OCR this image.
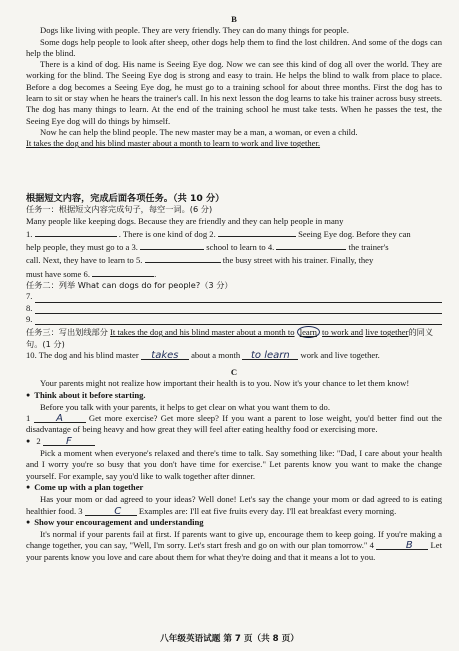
B

Dogs like living with people. They are very friendly. They can do many things for people.

Some dogs help people to look after sheep, other dogs help them to find the lost children. And some of the dogs can help the blind.

There is a kind of dog. His name is Seeing Eye dog. Now we can see this kind of dog all over the world. They are working for the blind. The Seeing Eye dog is strong and easy to train. He helps the blind to walk from place to place. Before a dog becomes a Seeing Eye dog, he must go to a training school for about three months. First the dog has to learn to sit or stay when he hears the trainer's call. In his next lesson the dog learns to take his trainer across busy streets. The dog has many things to learn. At the end of the training school he must take tests. When he passes the test, the Seeing Eye dog will do things by himself.

Now he can help the blind people. The new master may be a man, a woman, or even a child.

It takes the dog and his blind master about a month to learn to work and live together.

根据短文内容，完成后面各项任务。（共 10 分）

任务一：根据短文内容完成句子，每空一词。(6 分)

Many people like keeping dogs. Because they are friendly and they can help people in many

1.	. There is one kind of dog 2.	Seeing Eye dog. Before they can

help people, they must go to a 3.	school to learn to 4.	the trainer's

call. Next, they have to learn to 5.	the busy street with his trainer. Finally, they

must have some 6.	.

任务二：列举 What can dogs do for people?（3 分）

7.
8.
9.

任务三：写出划线部分 It takes the dog and his blind master about a month to learn to work and live together的同义句。(1 分)

10. The dog and his blind master takes about a month to learn work and live together.

C

Your parents might not realize how important their health is to you. Now it's your chance to let them know!

● Think about it before starting.

Before you talk with your parents, it helps to get clear on what you want them to do.

1	A	Get more exercise? Get more sleep? If you want a parent to lose weight, you'd better find out the disadvantage of being heavy and how great they will feel after eating healthy food or exercising more.

● 2	F

Pick a moment when everyone's relaxed and there's time to talk. Say something like: "Dad, I care about your health and I worry you're so busy that you don't have time for exercise." Let parents know you want to make the change yourself. For example, say you'd like to walk together after dinner.

● Come up with a plan together

Has your mom or dad agreed to your ideas? Well done! Let's say the change your mom or dad agreed to is eating healthier food. 3	C Examples are: I'll eat five fruits every day. I'll eat breakfast every morning.

● Show your encouragement and understanding

It's normal if your parents fail at first. If parents want to give up, encourage them to keep going. If you're making a change together, you can say, "Well, I'm sorry. Let's start fresh and go on with our plan tomorrow." 4	B Let your parents know you love and care about them for what they're doing and that it means a lot to you.

八年级英语试题 第 7 页（共 8 页）
